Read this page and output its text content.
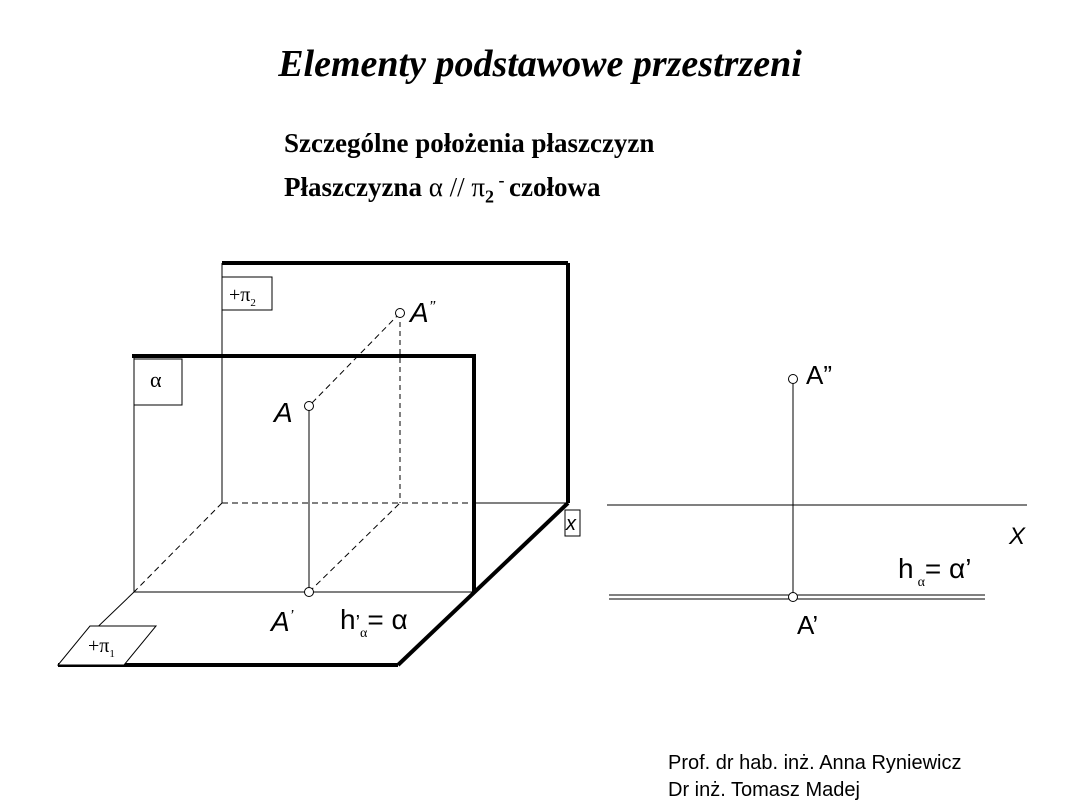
Elementy podstawowe przestrzeni
Szczególne położenia płaszczyzn
Płaszczyzna α // $\pi_2$ - czołowa
$+\pi_2$
α
$+\pi_1$
x
A’’
A
A’ $h’_\alpha= \alpha$
A”
A’
X
h $_\alpha$= α’
Prof. dr hab. inż. Anna Ryniewicz
Dr inż. Tomasz Madej
